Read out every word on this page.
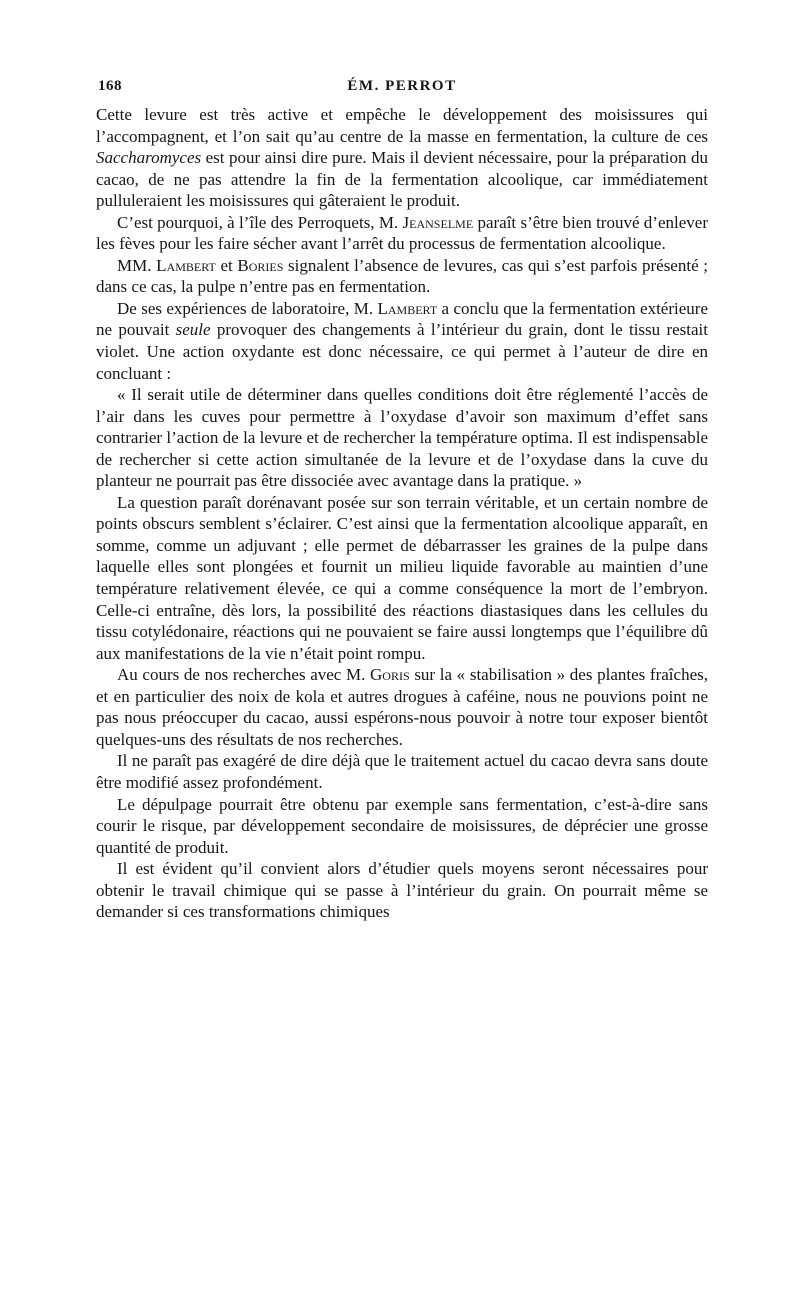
168	ÉM. PERROT

Cette levure est très active et empêche le développement des moisissures qui l’accompagnent, et l’on sait qu’au centre de la masse en fermentation, la culture de ces Saccharomyces est pour ainsi dire pure. Mais il devient nécessaire, pour la préparation du cacao, de ne pas attendre la fin de la fermentation alcoolique, car immédiatement pulluleraient les moisissures qui gâteraient le produit.

C’est pourquoi, à l’île des Perroquets, M. Jeanselme paraît s’être bien trouvé d’enlever les fèves pour les faire sécher avant l’arrêt du processus de fermentation alcoolique.

MM. Lambert et Bories signalent l’absence de levures, cas qui s’est parfois présenté ; dans ce cas, la pulpe n’entre pas en fermentation.

De ses expériences de laboratoire, M. Lambert a conclu que la fermentation extérieure ne pouvait seule provoquer des changements à l’intérieur du grain, dont le tissu restait violet. Une action oxydante est donc nécessaire, ce qui permet à l’auteur de dire en concluant :

« Il serait utile de déterminer dans quelles conditions doit être réglementé l’accès de l’air dans les cuves pour permettre à l’oxydase d’avoir son maximum d’effet sans contrarier l’action de la levure et de rechercher la température optima. Il est indispensable de rechercher si cette action simultanée de la levure et de l’oxydase dans la cuve du planteur ne pourrait pas être dissociée avec avantage dans la pratique. »

La question paraît dorénavant posée sur son terrain véritable, et un certain nombre de points obscurs semblent s’éclairer. C’est ainsi que la fermentation alcoolique apparaît, en somme, comme un adjuvant ; elle permet de débarrasser les graines de la pulpe dans laquelle elles sont plongées et fournit un milieu liquide favorable au maintien d’une température relativement élevée, ce qui a comme conséquence la mort de l’embryon. Celle-ci entraîne, dès lors, la possibilité des réactions diastasiques dans les cellules du tissu cotylédonaire, réactions qui ne pouvaient se faire aussi longtemps que l’équilibre dû aux manifestations de la vie n’était point rompu.

Au cours de nos recherches avec M. Goris sur la « stabilisation » des plantes fraîches, et en particulier des noix de kola et autres drogues à caféine, nous ne pouvions point ne pas nous préoccuper du cacao, aussi espérons-nous pouvoir à notre tour exposer bientôt quelques-uns des résultats de nos recherches.

Il ne paraît pas exagéré de dire déjà que le traitement actuel du cacao devra sans doute être modifié assez profondément.

Le dépulpage pourrait être obtenu par exemple sans fermentation, c’est-à-dire sans courir le risque, par développement secondaire de moisissures, de déprécier une grosse quantité de produit.

Il est évident qu’il convient alors d’étudier quels moyens seront nécessaires pour obtenir le travail chimique qui se passe à l’intérieur du grain. On pourrait même se demander si ces transformations chimiques
